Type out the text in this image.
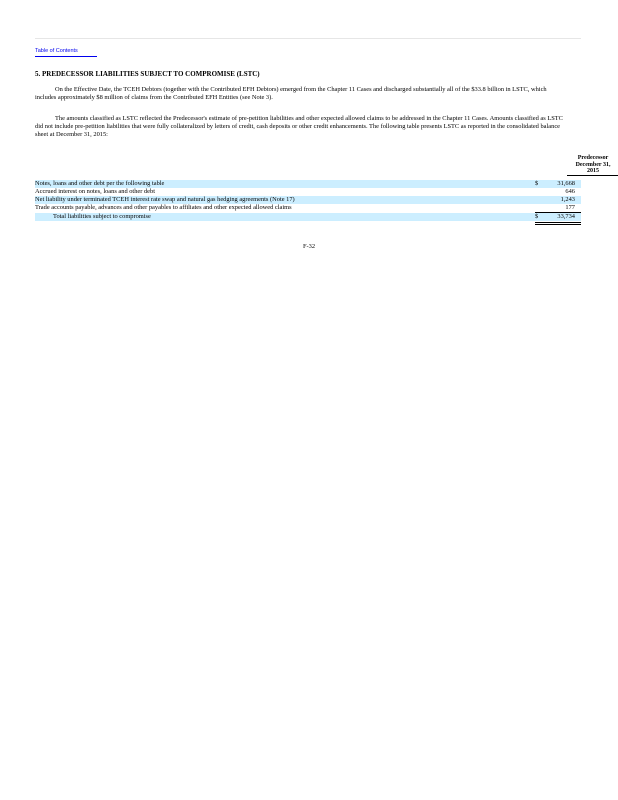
Table of Contents
5. PREDECESSOR LIABILITIES SUBJECT TO COMPROMISE (LSTC)

On the Effective Date, the TCEH Debtors (together with the Contributed EFH Debtors) emerged from the Chapter 11 Cases and discharged substantially all of the $33.8 billion in LSTC, which includes approximately $8 million of claims from the Contributed EFH Entities (see Note 3).

The amounts classified as LSTC reflected the Predecessor's estimate of pre-petition liabilities and other expected allowed claims to be addressed in the Chapter 11 Cases. Amounts classified as LSTC did not include pre-petition liabilities that were fully collateralized by letters of credit, cash deposits or other credit enhancements. The following table presents LSTC as reported in the consolidated balance sheet at December 31, 2015:

Predecessor
December 31,
2015
Notes, loans and other debt per the following table	$	31,668
Accrued interest on notes, loans and other debt	646
Net liability under terminated TCEH interest rate swap and natural gas hedging agreements (Note 17)	1,243
Trade accounts payable, advances and other payables to affiliates and other expected allowed claims	177
Total liabilities subject to compromise	$	33,734
F-32
